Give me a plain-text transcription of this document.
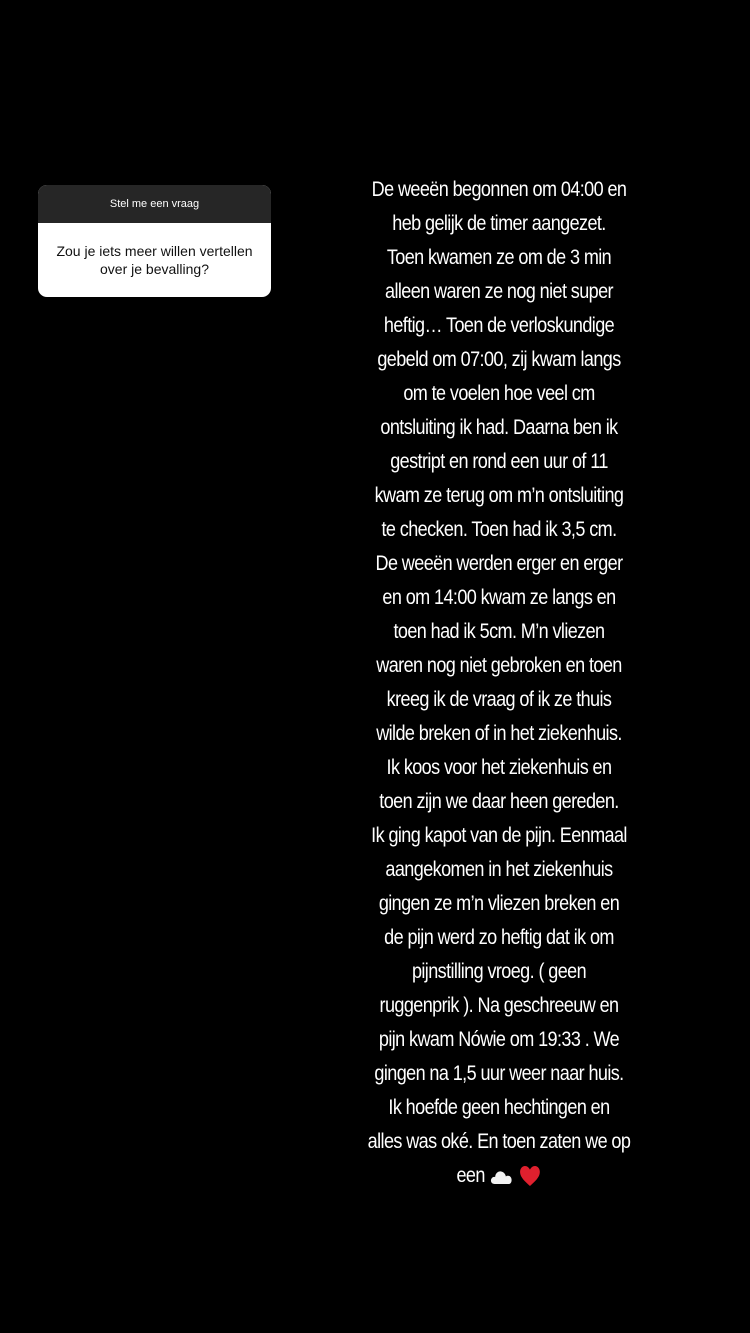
Stel me een vraag
Zou je iets meer willen vertellen over je bevalling?
De weeën begonnen om 04:00 en
heb gelijk de timer aangezet.
Toen kwamen ze om de 3 min
alleen waren ze nog niet super
heftig… Toen de verloskundige
gebeld om 07:00, zij kwam langs
om te voelen hoe veel cm
ontsluiting ik had. Daarna ben ik
gestript en rond een uur of 11
kwam ze terug om m’n ontsluiting
te checken. Toen had ik 3,5 cm.
De weeën werden erger en erger
en om 14:00 kwam ze langs en
toen had ik 5cm. M’n vliezen
waren nog niet gebroken en toen
kreeg ik de vraag of ik ze thuis
wilde breken of in het ziekenhuis.
Ik koos voor het ziekenhuis en
toen zijn we daar heen gereden.
Ik ging kapot van de pijn. Eenmaal
aangekomen in het ziekenhuis
gingen ze m’n vliezen breken en
de pijn werd zo heftig dat ik om
pijnstilling vroeg. ( geen
ruggenprik ). Na geschreeuw en
pijn kwam Nówie om 19:33 . We
gingen na 1,5 uur weer naar huis.
Ik hoefde geen hechtingen en
alles was oké. En toen zaten we op
een
